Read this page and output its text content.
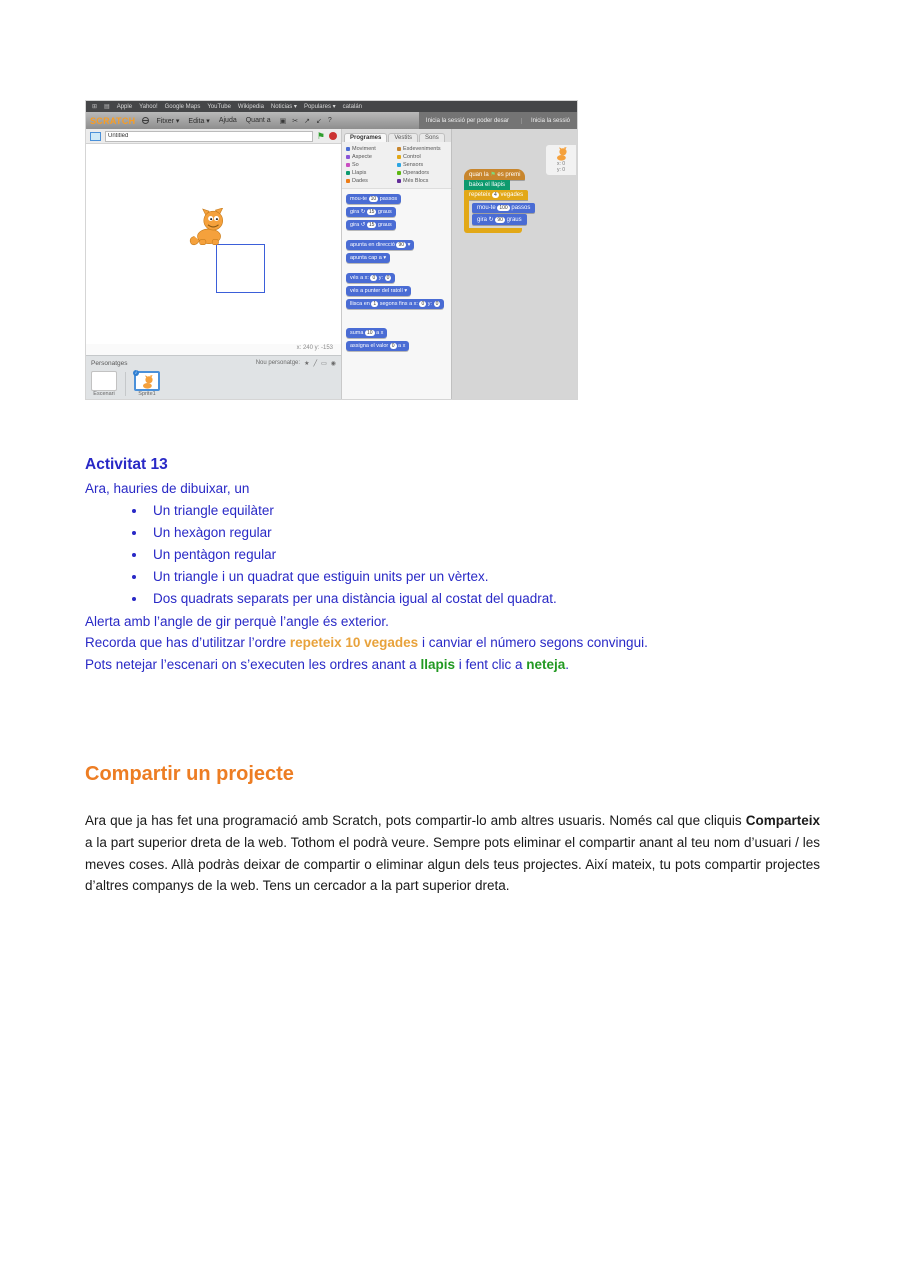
⊞ ▤ Apple Yahoo! Google Maps YouTube Wikipedia Noticias ▾ Populares ▾ catalán
SCRATCH	Fitxer ▾ Edita ▾ Ajuda Quant a ▣ ✂ ↗ ↙ ?	Inicia la sessió per poder desar	Inicia la sessió
Untitled
⚑
x: 240 y: -153
Personatges	Nou personatge: ★ ╱ ▭ ◉
Escenari
i
Sprite1
Programes	Vestits	Sons
Moviment	Esdeveniments
Aspecte	Control
So	Sensors
Llapis	Operadors
Dades	Més Blocs
mou-te 10 passos
gira ↻ 15 graus
gira ↺ 15 graus
apunta en direcció 90 ▾
apunta cap a ▾
vés a x: 0 y: 0
vés a punter del ratolí ▾
llisca en 1 segons fins a x: 0 y: 0
suma 10 a x
assigna el valor 0 a x
x: 0
y: 0
quan la ⚑ es premi
baixa el llapis
repeteix 4 vegades
mou-te 100 passos
gira ↻ 90 graus
Activitat 13

Ara, hauries de dibuixar, un

• Un triangle equilàter
• Un hexàgon regular
• Un pentàgon regular
• Un triangle i un quadrat que estiguin units per un vèrtex.
• Dos quadrats separats per una distància igual al costat del quadrat.

Alerta amb l’angle de gir perquè l’angle és exterior.

Recorda que has d’utilitzar l’ordre repeteix 10 vegades i canviar el número segons convingui.

Pots netejar l’escenari on s’executen les ordres anant a llapis i fent clic a neteja.

Compartir un projecte

Ara que ja has fet una programació amb Scratch, pots compartir-lo amb altres usuaris. Només cal que cliquis Comparteix a la part superior dreta de la web. Tothom el podrà veure. Sempre pots eliminar el compartir anant al teu nom d’usuari / les meves coses. Allà podràs deixar de compartir o eliminar algun dels teus projectes. Així mateix, tu pots compartir projectes d’altres companys de la web. Tens un cercador a la part superior dreta.
